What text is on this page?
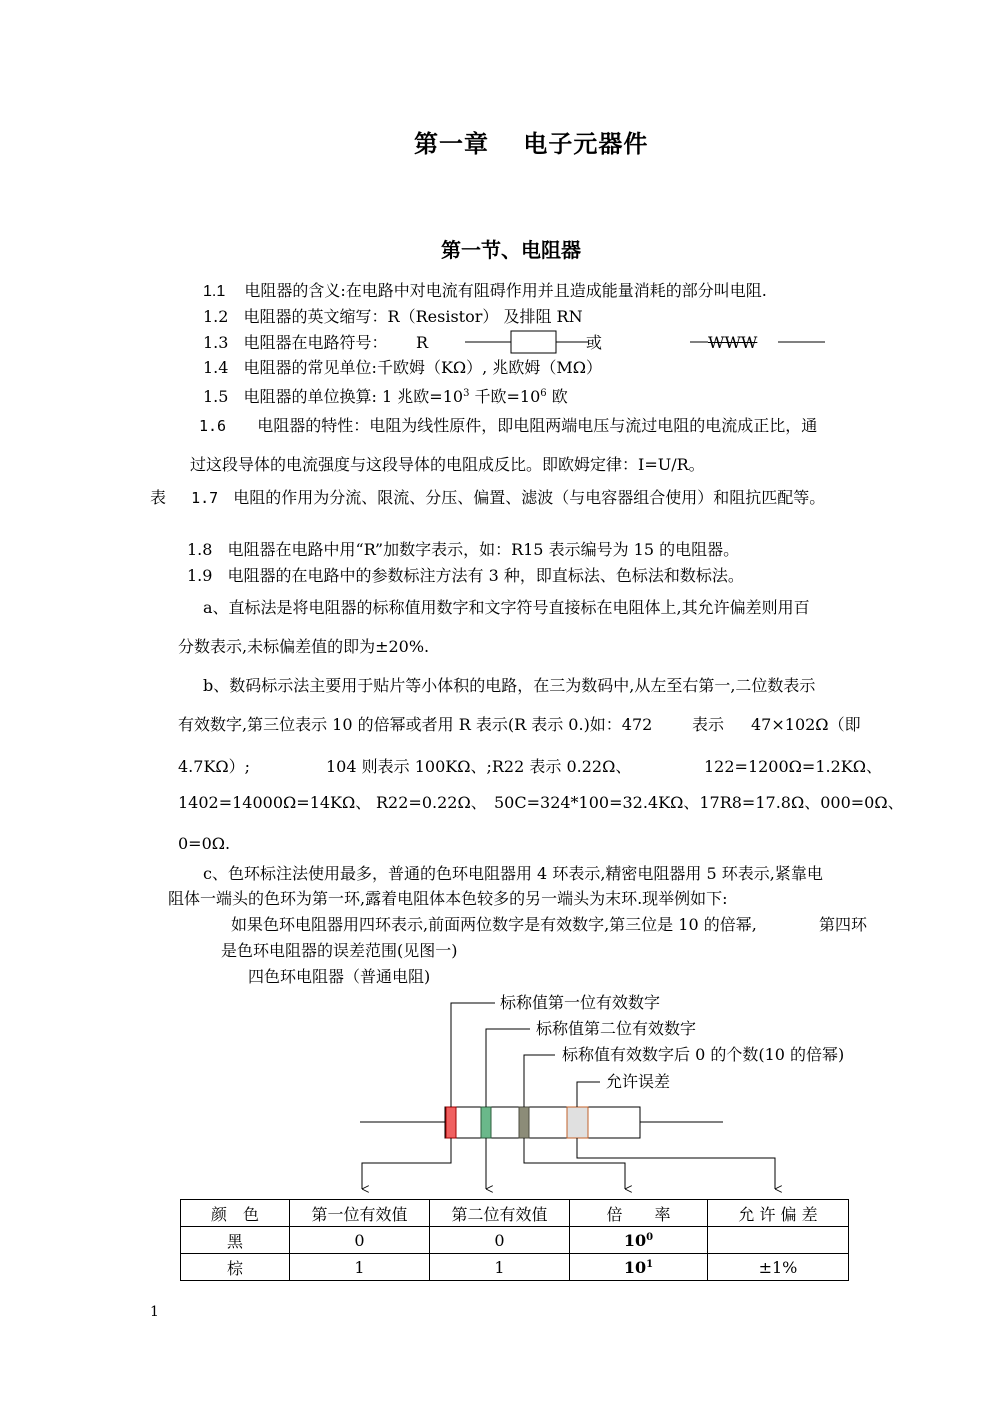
第一章　 电子元器件
第一节、电阻器
1.1 电阻器的含义:在电路中对电流有阻碍作用并且造成能量消耗的部分叫电阻.
1.2 电阻器的英文缩写：R（Resistor） 及排阻 RN
1.3 电阻器在电路符号： R	或	WWW
1.4 电阻器的常见单位:千欧姆（KΩ）, 兆欧姆（MΩ）
1.5 电阻器的单位换算: 1 兆欧$=10^3$ 千欧$=10^6$ 欧
1.6 电阻器的特性：电阻为线性原件，即电阻两端电压与流过电阻的电流成正比，通
过这段导体的电流强度与这段导体的电阻成反比。即欧姆定律：I=U/R。
表 1.7 电阻的作用为分流、限流、分压、偏置、滤波（与电容器组合使用）和阻抗匹配等。
1.8 电阻器在电路中用“R”加数字表示，如：R15 表示编号为 15 的电阻器。
1.9 电阻器的在电路中的参数标注方法有 3 种，即直标法、色标法和数标法。
a、直标法是将电阻器的标称值用数字和文字符号直接标在电阻体上,其允许偏差则用百
分数表示,未标偏差值的即为±20%.
b、数码标示法主要用于贴片等小体积的电路，在三为数码中,从左至右第一,二位数表示
有效数字,第三位表示 10 的倍幂或者用 R 表示(R 表示 0.)如：472 表示 47×102Ω（即
4.7KΩ）;	104 则表示 100KΩ、;R22 表示 0.22Ω、	122=1200Ω=1.2KΩ、
1402=14000Ω=14KΩ、 R22=0.22Ω、 50C=324*100=32.4KΩ、17R8=17.8Ω、000=0Ω、
0=0Ω.
c、色环标注法使用最多，普通的色环电阻器用 4 环表示,精密电阻器用 5 环表示,紧靠电
阻体一端头的色环为第一环,露着电阻体本色较多的另一端头为末环.现举例如下:
如果色环电阻器用四环表示,前面两位数字是有效数字,第三位是 10 的倍幂,	第四环
是色环电阻器的误差范围(见图一)
四色环电阻器（普通电阻)
标称值第一位有效数字
标称值第二位有效数字
标称值有效数字后 0 的个数(10 的倍幂)
允许误差
颜　色	第一位有效值	第二位有效值	倍　　率	允 许 偏 差
黑	0	0	$10^0$	
棕	1	1	$10^1$	±1%
1
